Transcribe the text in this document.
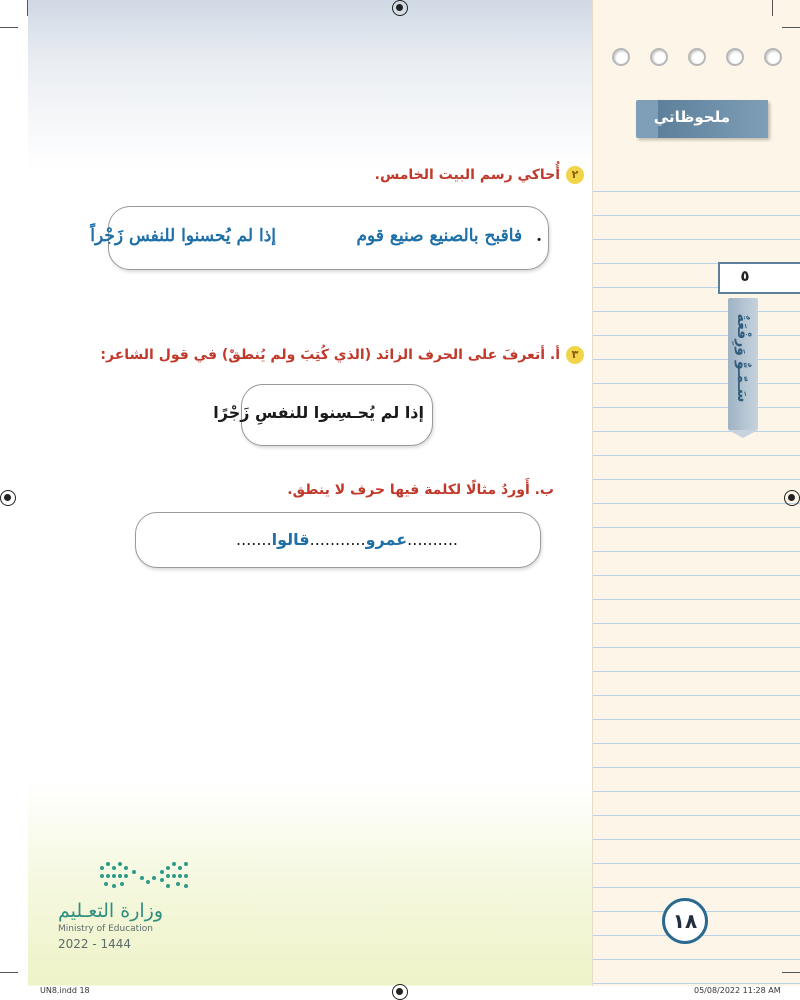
ملحوظاتي
٥
سَـمّـوٌّ وَرِفْعَةٌ
٢أُحاكي رسم البيت الخامس.
.فاقبح بالصنيع صنيع قوم
إذا لم يُحسنوا للنفس زَجْراً
٣أ. أتعرفَ على الحرف الزائد (الذي كُتِبَ ولم يُنطقْ) في قول الشاعر:
إذا لم يُحـسِنوا للنفسِ زَجْرًا
ب. أَوردُ مثالًا لكلمة فيها حرف لا ينطق.
..........عمرو...........قالوا.......
١٨
وزارة التعـليم
Ministry of Education
2022 - 1444
UN8.indd 18	05/08/2022 11:28 AM
